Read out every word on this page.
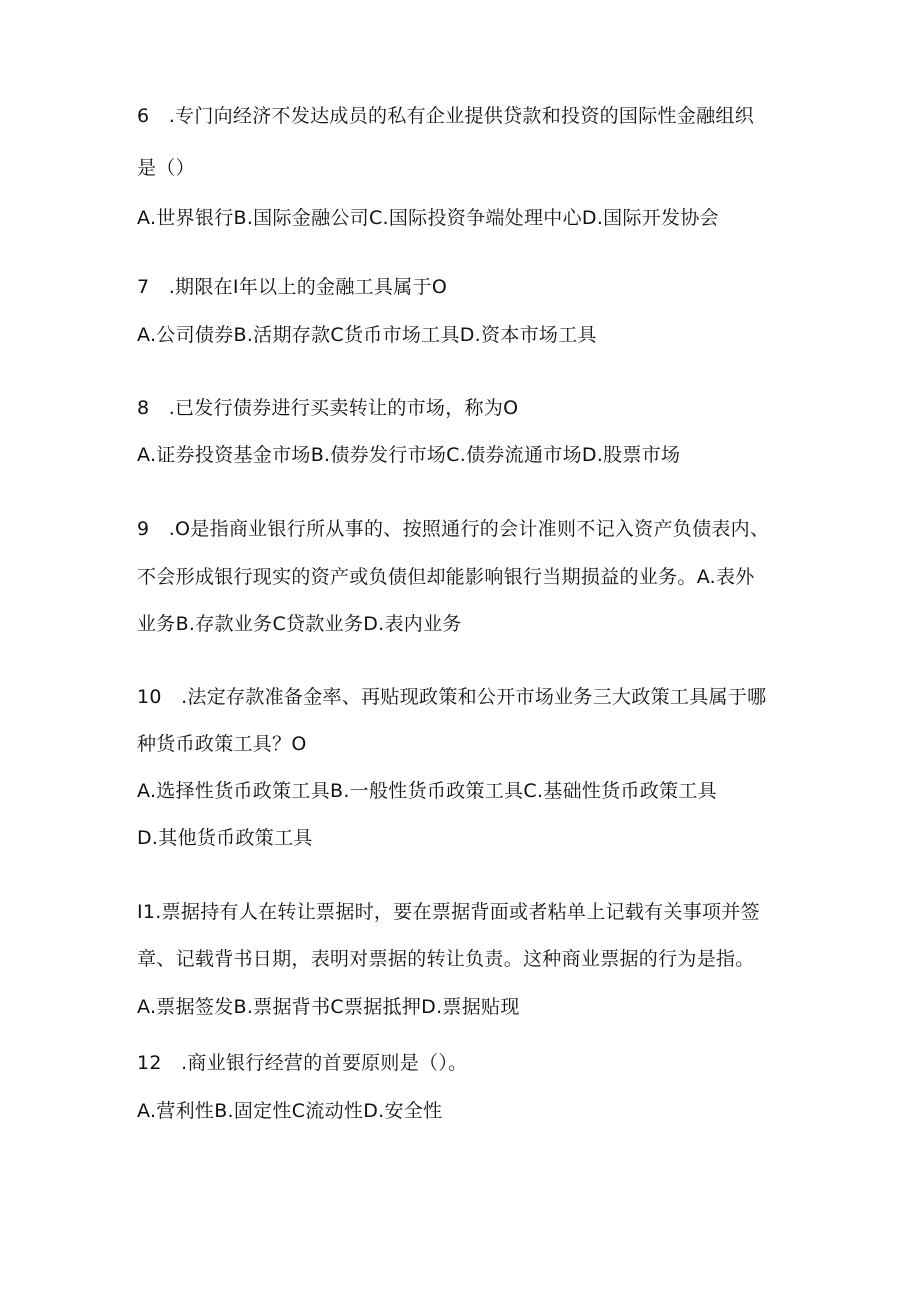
6　.专门向经济不发达成员的私有企业提供贷款和投资的国际性金融组织
是（）
A.世界银行B.国际金融公司C.国际投资争端处理中心D.国际开发协会
7　.期限在I年以上的金融工具属于O
A.公司债券B.活期存款C货币市场工具D.资本市场工具
8　.已发行债券进行买卖转让的市场，称为O
A.证券投资基金市场B.债券发行市场C.债券流通市场D.股票市场
9　.O是指商业银行所从事的、按照通行的会计准则不记入资产负债表内、
不会形成银行现实的资产或负债但却能影响银行当期损益的业务。A.表外
业务B.存款业务C贷款业务D.表内业务
10　.法定存款准备金率、再贴现政策和公开市场业务三大政策工具属于哪
种货币政策工具？O
A.选择性货币政策工具B.一般性货币政策工具C.基础性货币政策工具
D.其他货币政策工具
I1.票据持有人在转让票据时，要在票据背面或者粘单上记载有关事项并签
章、记载背书日期，表明对票据的转让负责。这种商业票据的行为是指。
A.票据签发B.票据背书C票据抵押D.票据贴现
12　.商业银行经营的首要原则是（）。
A.营利性B.固定性C流动性D.安全性
